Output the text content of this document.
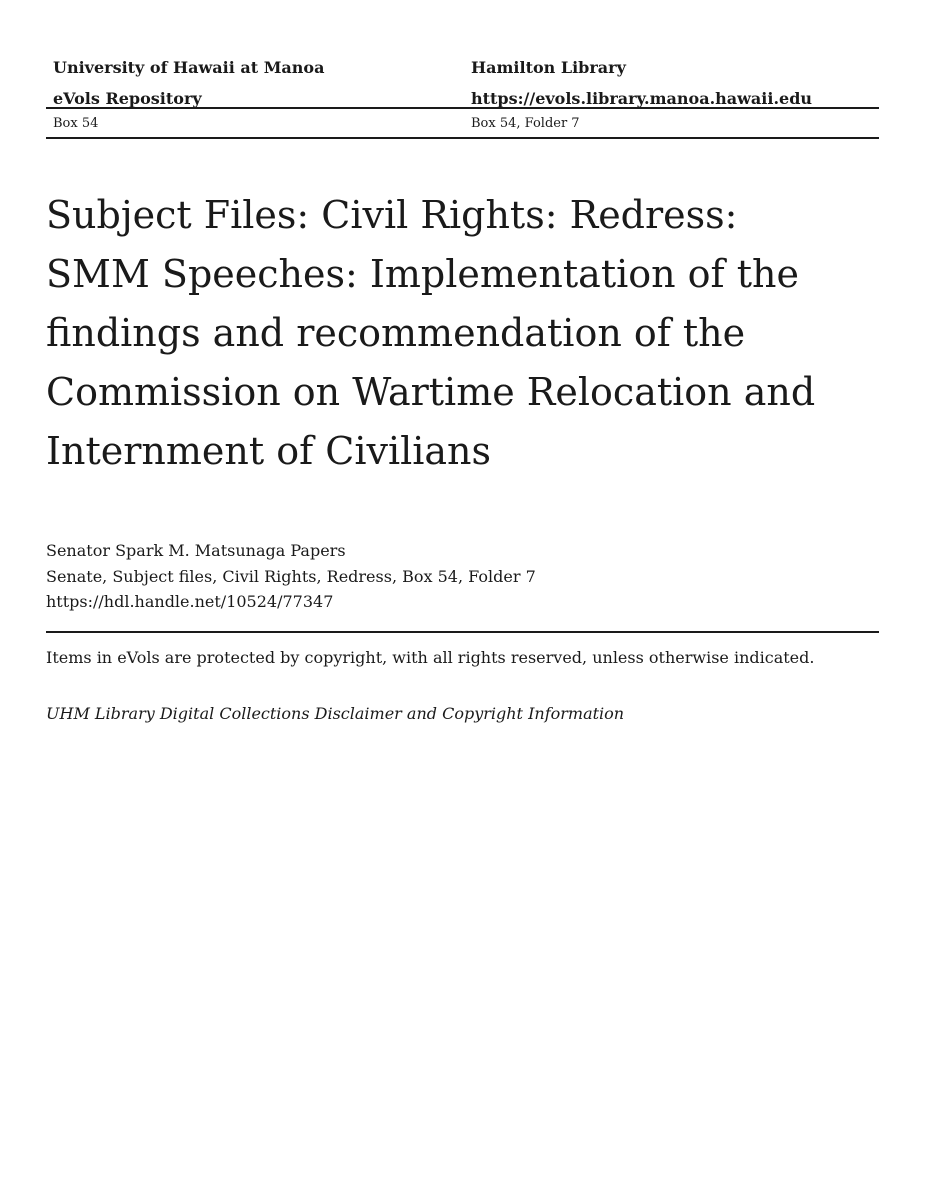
University of Hawaii at Manoa	Hamilton Library
eVols Repository	https://evols.library.manoa.hawaii.edu
Box 54	Box 54, Folder 7
Subject Files: Civil Rights: Redress: SMM Speeches: Implementation of the findings and recommendation of the Commission on Wartime Relocation and Internment of Civilians
Senator Spark M. Matsunaga Papers
Senate, Subject files, Civil Rights, Redress, Box 54, Folder 7
https://hdl.handle.net/10524/77347
Items in eVols are protected by copyright, with all rights reserved, unless otherwise indicated.
UHM Library Digital Collections Disclaimer and Copyright Information
